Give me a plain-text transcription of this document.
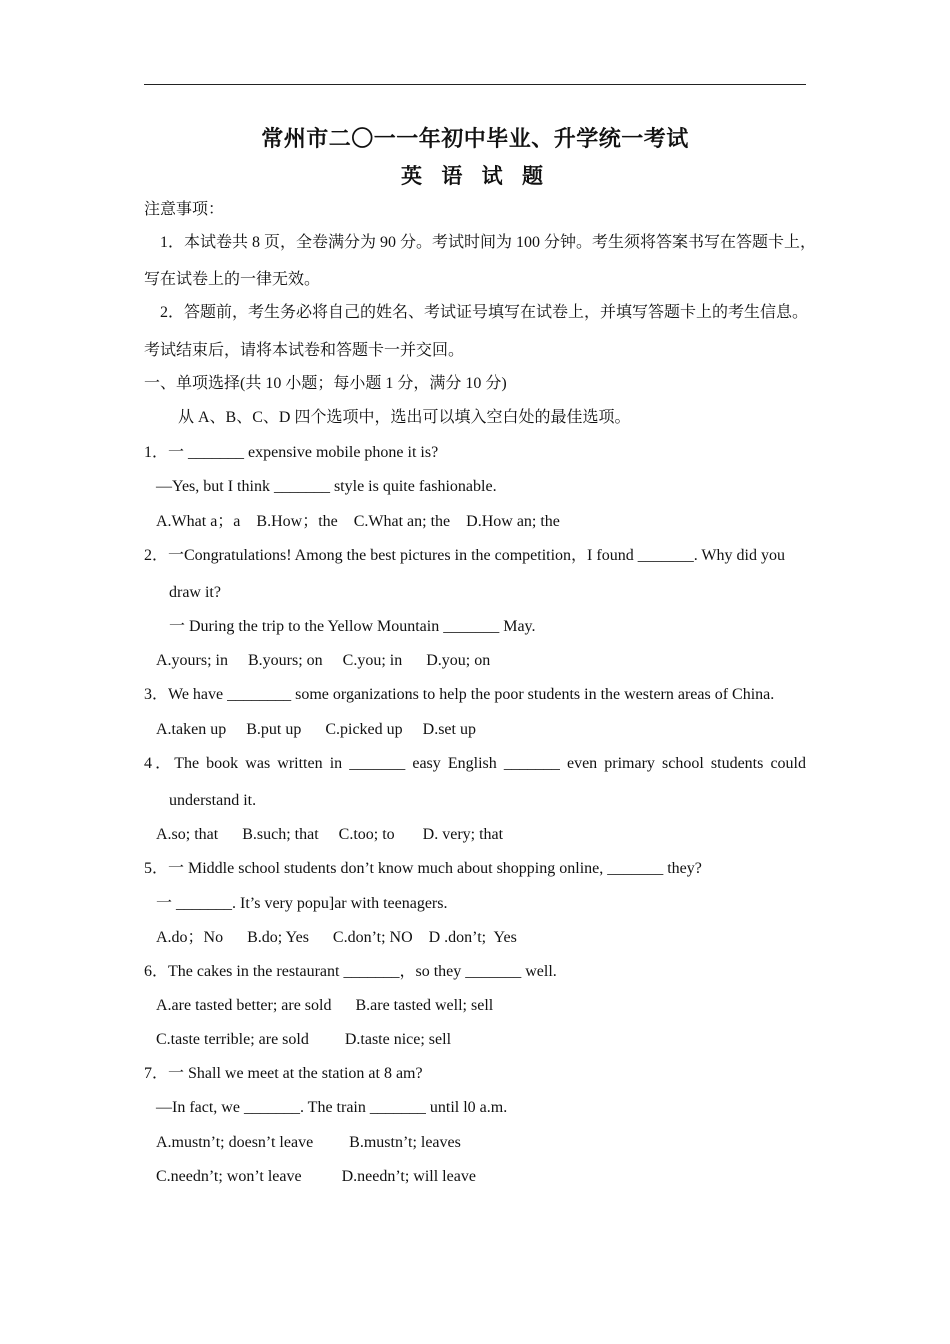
常州市二〇一一年初中毕业、升学统一考试
英 语 试 题
注意事项：
1．本试卷共 8 页，全卷满分为 90 分。考试时间为 100 分钟。考生须将答案书写在答题卡上，
写在试卷上的一律无效。
2．答题前，考生务必将自己的姓名、考试证号填写在试卷上，并填写答题卡上的考生信息。
考试结束后，请将本试卷和答题卡一并交回。
一、单项选择(共 10 小题；每小题 1 分，满分 10 分)
从 A、B、C、D 四个选项中，选出可以填入空白处的最佳选项。
1．一 _______ expensive mobile phone it is?
—Yes, but I think _______ style is quite fashionable.
A.What a；a    B.How；the    C.What an; the    D.How an; the
2．一Congratulations! Among the best pictures in the competition，I found _______. Why did you
draw it?
一 During the trip to the Yellow Mountain _______ May.
A.yours; in     B.yours; on     C.you; in      D.you; on
3．We have ________ some organizations to help the poor students in the western areas of China.
A.taken up     B.put up      C.picked up     D.set up
4．The book was written in _______ easy English _______ even primary school students could
understand it.
A.so; that      B.such; that     C.too; to       D. very; that
5．一 Middle school students don’t know much about shopping online, _______ they?
一 _______. It’s very popu]ar with teenagers.
A.do；No      B.do; Yes      C.don’t; NO    D .don’t;  Yes
6．The cakes in the restaurant _______，so they _______ well.
A.are tasted better; are sold      B.are tasted well; sell
C.taste terrible; are sold         D.taste nice; sell
7．一 Shall we meet at the station at 8 am?
—In fact, we _______. The train _______ until l0 a.m.
A.mustn’t; doesn’t leave         B.mustn’t; leaves
C.needn’t; won’t leave          D.needn’t; will leave
